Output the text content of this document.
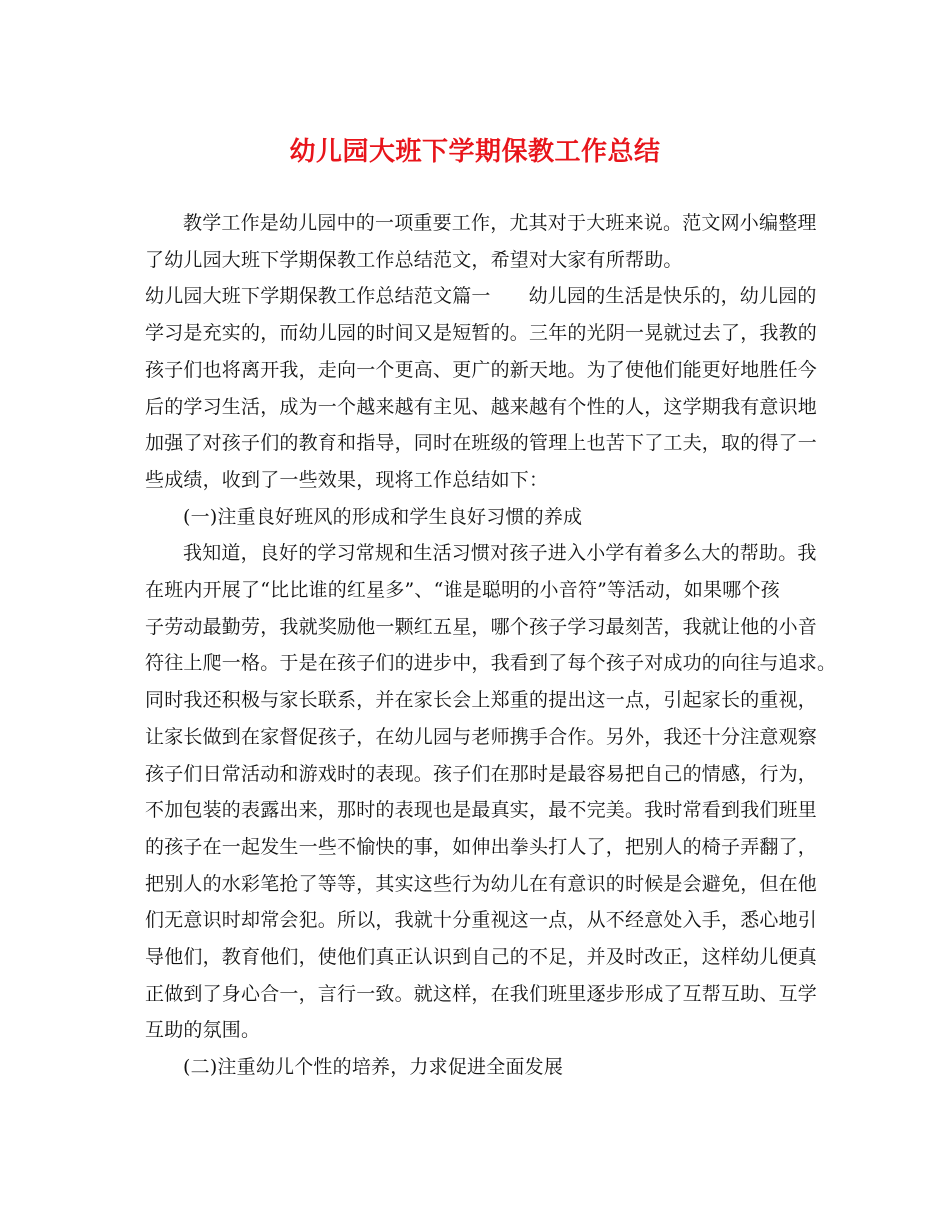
幼儿园大班下学期保教工作总结
教学工作是幼儿园中的一项重要工作，尤其对于大班来说。范文网小编整理
了幼儿园大班下学期保教工作总结范文，希望对大家有所帮助。
幼儿园大班下学期保教工作总结范文篇一 幼儿园的生活是快乐的，幼儿园的
学习是充实的，而幼儿园的时间又是短暂的。三年的光阴一晃就过去了，我教的
孩子们也将离开我，走向一个更高、更广的新天地。为了使他们能更好地胜任今
后的学习生活，成为一个越来越有主见、越来越有个性的人，这学期我有意识地
加强了对孩子们的教育和指导，同时在班级的管理上也苦下了工夫，取的得了一
些成绩，收到了一些效果，现将工作总结如下：
(一)注重良好班风的形成和学生良好习惯的养成
我知道，良好的学习常规和生活习惯对孩子进入小学有着多么大的帮助。我
在班内开展了“比比谁的红星多”、“谁是聪明的小音符”等活动，如果哪个孩
子劳动最勤劳，我就奖励他一颗红五星，哪个孩子学习最刻苦，我就让他的小音
符往上爬一格。于是在孩子们的进步中，我看到了每个孩子对成功的向往与追求。
同时我还积极与家长联系，并在家长会上郑重的提出这一点，引起家长的重视，
让家长做到在家督促孩子，在幼儿园与老师携手合作。另外，我还十分注意观察
孩子们日常活动和游戏时的表现。孩子们在那时是最容易把自己的情感，行为，
不加包装的表露出来，那时的表现也是最真实，最不完美。我时常看到我们班里
的孩子在一起发生一些不愉快的事，如伸出拳头打人了，把别人的椅子弄翻了，
把别人的水彩笔抢了等等，其实这些行为幼儿在有意识的时候是会避免，但在他
们无意识时却常会犯。所以，我就十分重视这一点，从不经意处入手，悉心地引
导他们，教育他们，使他们真正认识到自己的不足，并及时改正，这样幼儿便真
正做到了身心合一，言行一致。就这样，在我们班里逐步形成了互帮互助、互学
互助的氛围。
(二)注重幼儿个性的培养，力求促进全面发展
